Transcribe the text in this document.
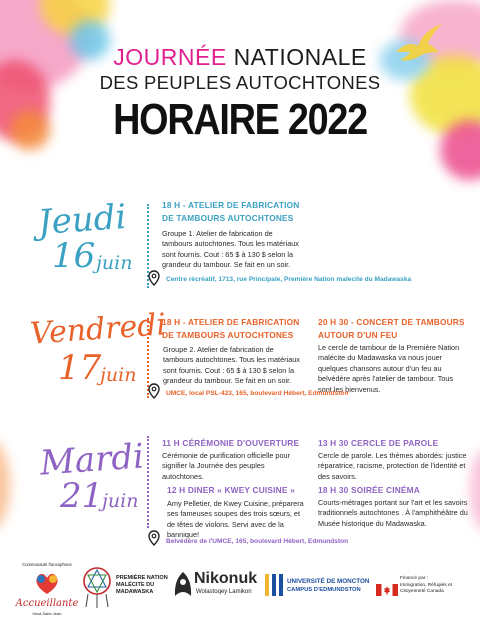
JOURNÉE NATIONALE
DES PEUPLES AUTOCHTONES
HORAIRE 2022
Jeudi
16 juin
18 H - ATELIER DE FABRICATION DE TAMBOURS AUTOCHTONES
Groupe 1. Atelier de fabrication de tambours autochtones. Tous les matériaux sont fournis. Cout : 65 $ à 130 $ selon la grandeur du tambour. Se fait en un soir.
Centre récréatif, 1713, rue Principale, Première Nation malecite du Madawaska
Vendredi
17
juin
18 H - ATELIER DE FABRICATION DE TAMBOURS AUTOCHTONES
Groupe 2. Atelier de fabrication de tambours autochtones. Tous les matériaux sont fournis. Cout : 65 $ à 130 $ selon la grandeur du tambour. Se fait en un soir.
20 H 30 - CONCERT DE TAMBOURS AUTOUR D'UN FEU
Le cercle de tambour de la Première Nation malécite du Madawaska va nous jouer quelques chansons autour d'un feu au belvédère après l'atelier de tambour. Tous sont les bienvenus.
UMCE, local PSL-423, 165, boulevard Hébert, Edmundston
Mardi
21
juin
11 H CÉRÉMONIE D'OUVERTURE
Cérémonie de purification officielle pour signifier la Journée des peuples autochtones.
12 H DINER « KWEY CUISINE »
Amy Pelletier, de Kwey Cuisine, préparera ses fameuses soupes des trois sœurs, et de têtes de violons. Servi avec de la bannique!
13 H 30 CERCLE DE PAROLE
Cercle de parole. Les thèmes abordés: justice réparatrice, racisme, protection de l'identité et des savoirs.
18 H 30 SOIRÉE CINÉMA
Courts-métrages portant sur l'art et les savoirs traditionnels autochtones . À l'amphithéâtre du Musée historique du Madawaska.
Belvédère de l'UMCE, 165, boulevard Hébert, Edmundston
Communauté francophone
Accueillante
Haut-Saint-Jean
PREMIÈRE NATION MALÉCITE DU MADAWASKA
Nikonuk
Wolastoqey Lamikon
UNIVERSITÉ DE MONCTON
CAMPUS D'EDMUNDSTON
Financé par :
Immigration, Réfugiés et Citoyenneté Canada
